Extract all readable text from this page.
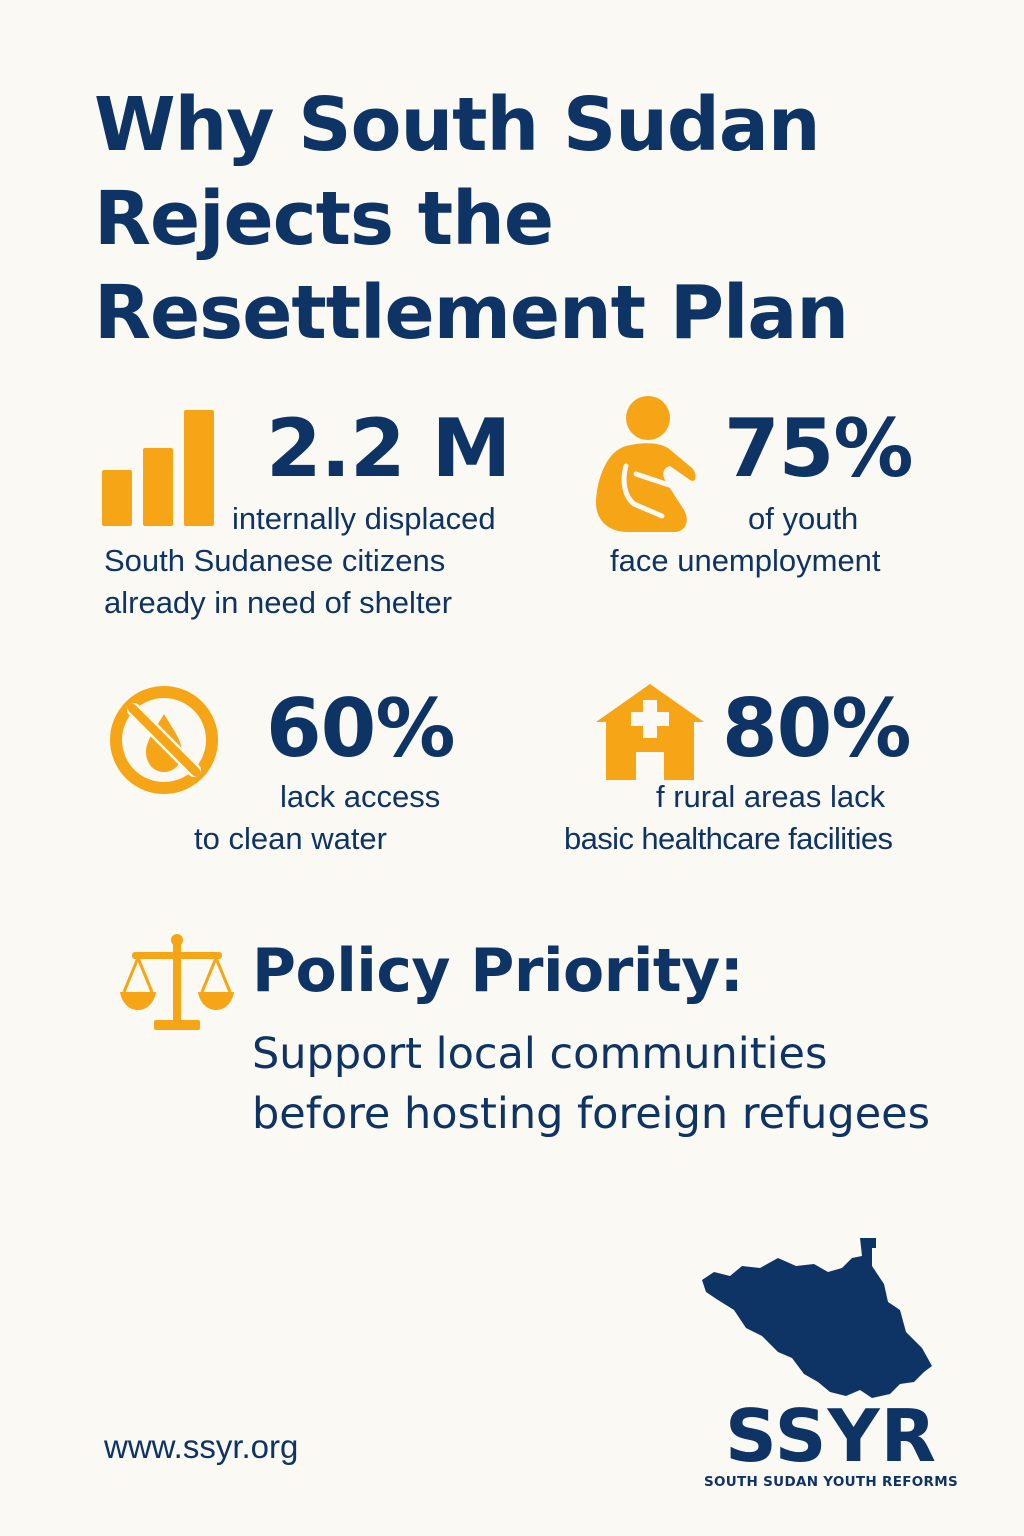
Why South Sudan
Rejects the
Resettlement Plan
2.2 M
internally displaced
South Sudanese citizens
already in need of shelter
75%
of youth
face unemployment
60%
lack access
to clean water
80%
f rural areas lack
basic healthcare facilities
Policy Priority:
Support local communities
before hosting foreign refugees
www.ssyr.org	SSYR
SOUTH SUDAN YOUTH REFORMS
